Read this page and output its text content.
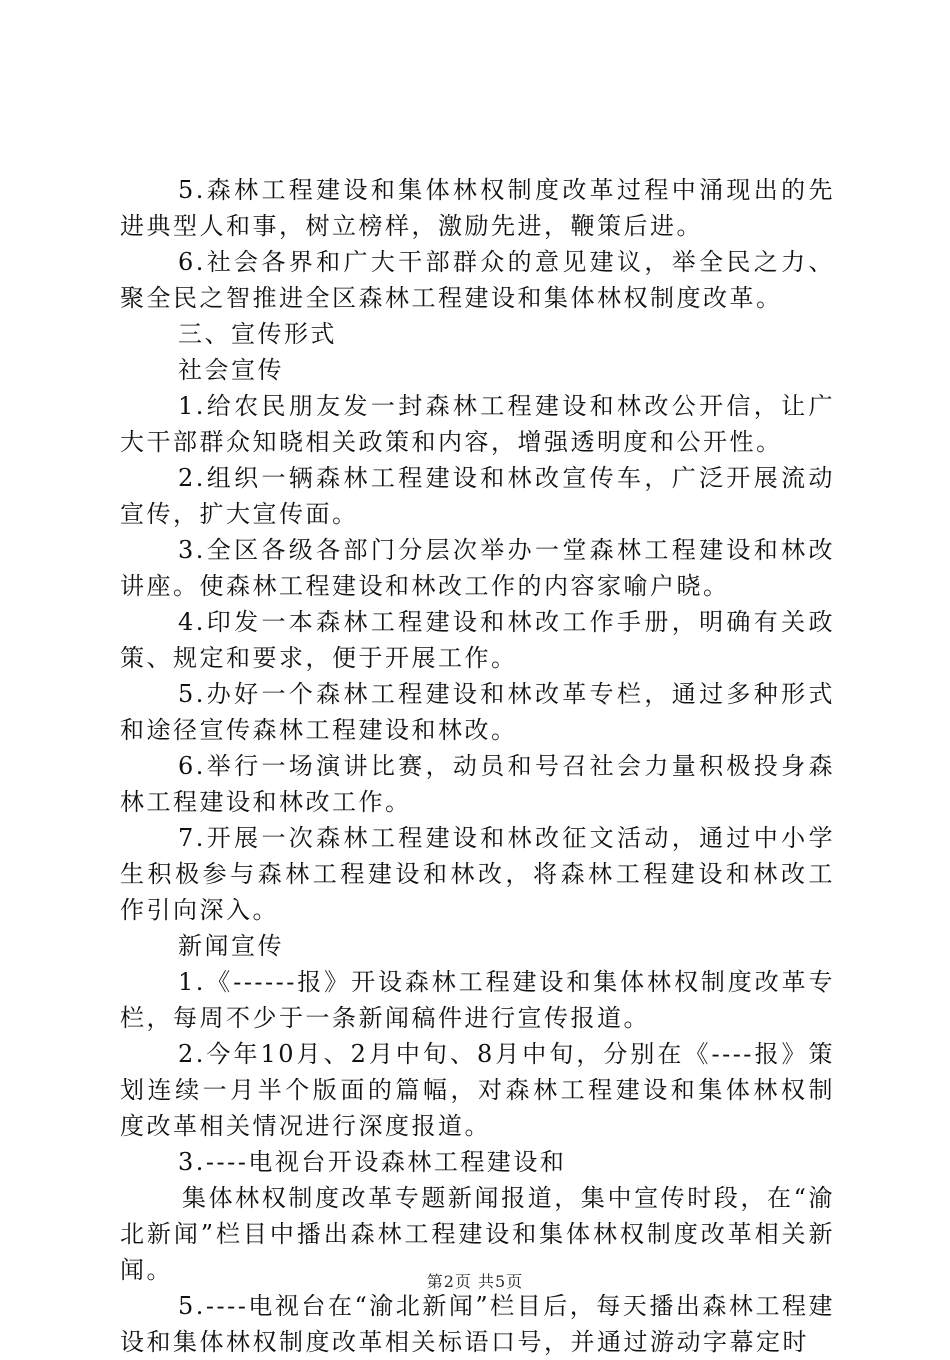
5.森林工程建设和集体林权制度改革过程中涌现出的先进典型人和事，树立榜样，激励先进，鞭策后进。

6.社会各界和广大干部群众的意见建议，举全民之力、聚全民之智推进全区森林工程建设和集体林权制度改革。

三、宣传形式

社会宣传

1.给农民朋友发一封森林工程建设和林改公开信，让广大干部群众知晓相关政策和内容，增强透明度和公开性。

2.组织一辆森林工程建设和林改宣传车，广泛开展流动宣传，扩大宣传面。

3.全区各级各部门分层次举办一堂森林工程建设和林改讲座。使森林工程建设和林改工作的内容家喻户晓。

4.印发一本森林工程建设和林改工作手册，明确有关政策、规定和要求，便于开展工作。

5.办好一个森林工程建设和林改革专栏，通过多种形式和途径宣传森林工程建设和林改。

6.举行一场演讲比赛，动员和号召社会力量积极投身森林工程建设和林改工作。

7.开展一次森林工程建设和林改征文活动，通过中小学生积极参与森林工程建设和林改，将森林工程建设和林改工作引向深入。

新闻宣传

1.《------报》开设森林工程建设和集体林权制度改革专栏，每周不少于一条新闻稿件进行宣传报道。

2.今年10月、2月中旬、8月中旬，分别在《----报》策划连续一月半个版面的篇幅，对森林工程建设和集体林权制度改革相关情况进行深度报道。

3.----电视台开设森林工程建设和

集体林权制度改革专题新闻报道，集中宣传时段，在“渝北新闻”栏目中播出森林工程建设和集体林权制度改革相关新闻。

5.----电视台在“渝北新闻”栏目后，每天播出森林工程建设和集体林权制度改革相关标语口号，并通过游动字幕定时

第2页 共5页
